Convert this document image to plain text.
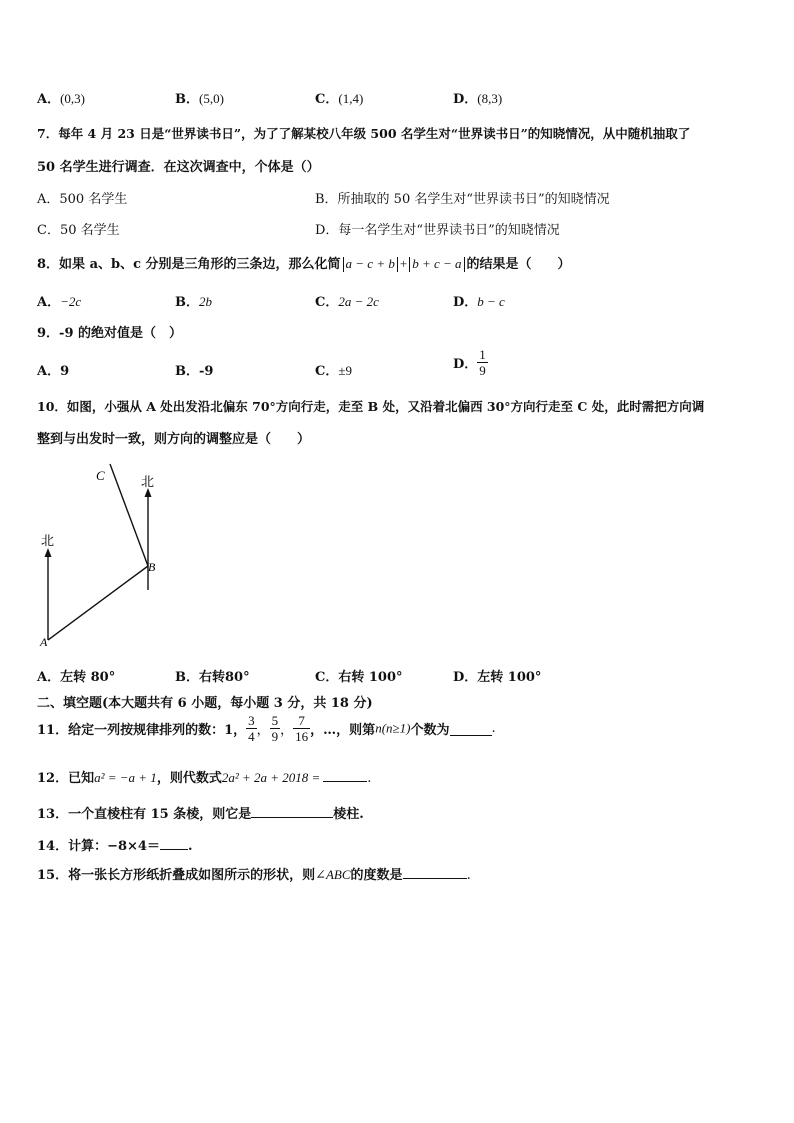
A．(0,3)	B．(5,0)	C．(1,4)	D．(8,3)
7．每年 4 月 23 日是“世界读书日”，为了了解某校八年级 500 名学生对“世界读书日”的知晓情况，从中随机抽取了
50 名学生进行调查．在这次调查中，个体是（）
A．500 名学生	B．所抽取的 50 名学生对“世界读书日”的知晓情况
C．50 名学生	D．每一名学生对“世界读书日”的知晓情况
8．如果 a、b、c 分别是三角形的三条边，那么化简 a − c + b + b + c − a 的结果是（　　）
A．−2c	B．2b	C．2a − 2c	D．b − c
9．-9 的绝对值是（　）
A．9	B．-9	C．±9	D． $\frac{1}{9}$
10．如图，小强从 A 处出发沿北偏东 70°方向行走，走至 B 处，又沿着北偏西 30°方向行走至 C 处，此时需把方向调
整到与出发时一致，则方向的调整应是（　　）
C	北
北
B
A
A．左转 80°	B．右转80°	C．右转 100°	D．左转 100°
二、填空题(本大题共有 6 小题，每小题 3 分，共 18 分)
11．给定一列按规律排列的数：1， $\frac{3}{4}$ ， $\frac{5}{9}$ ， $\frac{7}{16}$ ，…，则第n(n≥1)个数为	.
12．已知a² = −a + 1，则代数式2a² + 2a + 2018 =	.
13．一个直棱柱有 15 条棱，则它是	棱柱.
14．计算：−8×4＝ .
15．将一张长方形纸折叠成如图所示的形状，则∠ABC的度数是	.
